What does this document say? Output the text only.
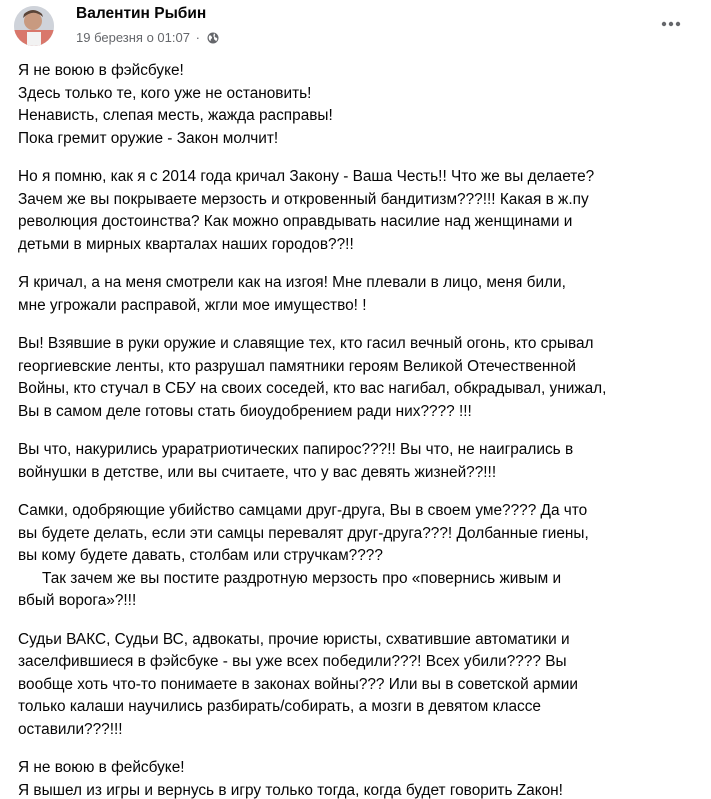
Валентин Рыбин
19 березня о 01:07 ·
Я не воюю в фэйсбуке!
Здесь только те, кого уже не остановить!
Ненависть, слепая месть, жажда расправы!
Пока гремит оружие - Закон молчит!
Но я помню, как я с 2014 года кричал Закону - Ваша Честь!! Что же вы делаете?
Зачем же вы покрываете мерзость и откровенный бандитизм???!!! Какая в ж.пу
революция достоинства? Как можно оправдывать насилие над женщинами и
детьми в мирных кварталах наших городов??!!
Я кричал, а на меня смотрели как на изгоя! Мне плевали в лицо, меня били,
мне угрожали расправой, жгли мое имущество! !
Вы! Взявшие в руки оружие и славящие тех, кто гасил вечный огонь, кто срывал
георгиевские ленты, кто разрушал памятники героям Великой Отечественной
Войны, кто стучал в СБУ на своих соседей, кто вас нагибал, обкрадывал, унижал,
Вы в самом деле готовы стать биоудобрением ради них???? !!!
Вы что, накурились ураратриотических папирос???!! Вы что, не наигрались в
войнушки в детстве, или вы считаете, что у вас девять жизней??!!!
Самки, одобряющие убийство самцами друг-друга, Вы в своем уме???? Да что
вы будете делать, если эти самцы перевалят друг-друга???! Долбанные гиены,
вы кому будете давать, столбам или стручкам????
Так зачем же вы постите раздротную мерзость про «повернись живым и
вбый ворога»?!!!
Судьи ВАКС, Судьи ВС, адвокаты, прочие юристы, схватившие автоматики и
заселфившиеся в фэйсбуке - вы уже всех победили???! Всех убили???? Вы
вообще хоть что-то понимаете в законах войны??? Или вы в советской армии
только калаши научились разбирать/собирать, а мозги в девятом классе
оставили???!!!
Я не воюю в фейсбуке!
Я вышел из игры и вернусь в игру только тогда, когда будет говорить Zакон!
